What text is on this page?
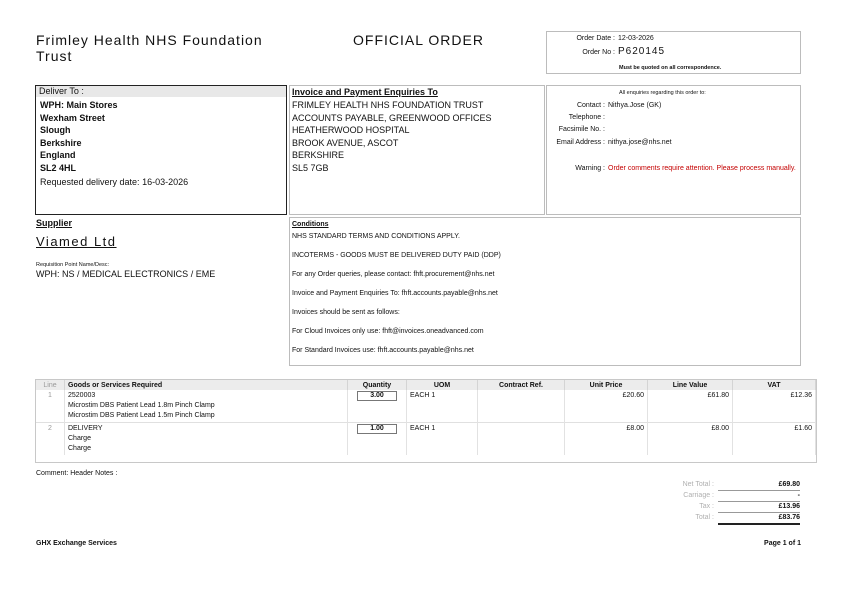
Frimley Health NHS Foundation Trust
OFFICIAL ORDER	Order Date : 12-03-2026
Order No : P620145
Must be quoted on all correspondence.
Deliver To :
WPH: Main Stores
Wexham Street
Slough
Berkshire
England
SL2 4HL
Requested delivery date: 16-03-2026
Invoice and Payment Enquiries To
FRIMLEY HEALTH NHS FOUNDATION TRUST
ACCOUNTS PAYABLE, GREENWOOD OFFICES
HEATHERWOOD HOSPITAL
BROOK AVENUE, ASCOT
BERKSHIRE
SL5 7GB
All enquiries regarding this order to:
Contact : Nithya.Jose (GK)
Telephone :
Facsimile No. :
Email Address : nithya.jose@nhs.net
Warning : Order comments require attention. Please process manually.
Supplier
Viamed Ltd
Requisition Point Name/Desc:
WPH: NS / MEDICAL ELECTRONICS / EME
Conditions
NHS STANDARD TERMS AND CONDITIONS APPLY.
INCOTERMS - GOODS MUST BE DELIVERED DUTY PAID (DDP)
For any Order queries, please contact: fhft.procurement@nhs.net
Invoice and Payment Enquiries To: fhft.accounts.payable@nhs.net
Invoices should be sent as follows:
For Cloud Invoices only use: fhft@invoices.oneadvanced.com
For Standard Invoices use: fhft.accounts.payable@nhs.net
Line	Goods or Services Required	Quantity	UOM	Contract Ref.	Unit Price	Line Value	VAT
1	2520003
Microstim DBS Patient Lead 1.8m Pinch Clamp
Microstim DBS Patient Lead 1.5m Pinch Clamp	3.00	EACH 1		£20.60	£61.80	£12.36
2	DELIVERY
Charge
Charge	1.00	EACH 1		£8.00	£8.00	£1.60
Comment: Header Notes :
Net Total :	£69.80
Carriage :	-
Tax :	£13.96
Total :	£83.76
GHX Exchange Services	Page 1 of 1
